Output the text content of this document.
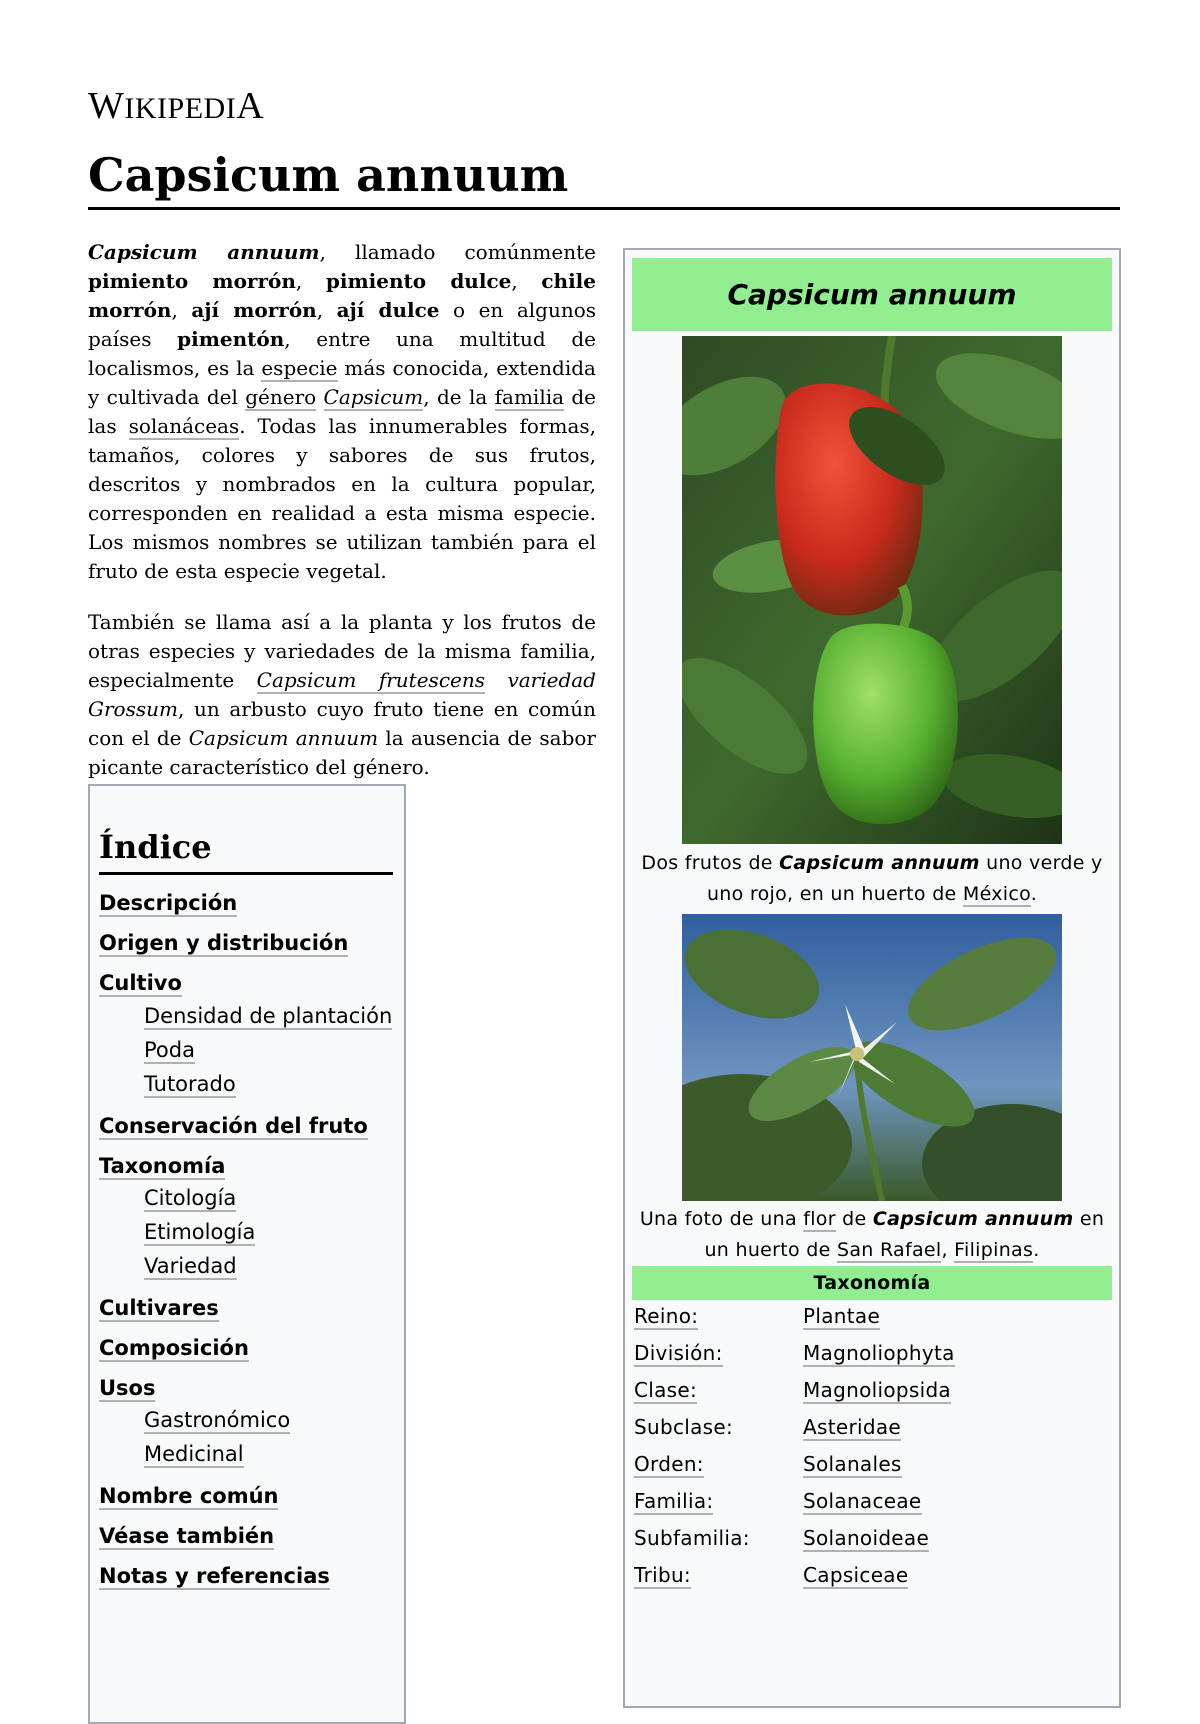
WIKIPEDIA
Capsicum annuum

Capsicum annuum, llamado comúnmente pimiento morrón, pimiento dulce, chile morrón, ají morrón, ají dulce o en algunos países pimentón, entre una multitud de localismos, es la especie más conocida, extendida y cultivada del género Capsicum, de la familia de las solanáceas. Todas las innumerables formas, tamaños, colores y sabores de sus frutos, descritos y nombrados en la cultura popular, corresponden en realidad a esta misma especie. Los mismos nombres se utilizan también para el fruto de esta especie vegetal.

También se llama así a la planta y los frutos de otras especies y variedades de la misma familia, especialmente Capsicum frutescens variedad Grossum, un arbusto cuyo fruto tiene en común con el de Capsicum annuum la ausencia de sabor picante característico del género.

Índice
Descripción
Origen y distribución
Cultivo
Densidad de plantación
Poda
Tutorado
Conservación del fruto
Taxonomía
Citología
Etimología
Variedad
Cultivares
Composición
Usos
Gastronómico
Medicinal
Nombre común
Véase también
Notas y referencias
Capsicum annuum
Dos frutos de Capsicum annuum uno verde y uno rojo, en un huerto de México.
Una foto de una flor de Capsicum annuum en un huerto de San Rafael, Filipinas.
Taxonomía
Reino:	Plantae
División:	Magnoliophyta
Clase:	Magnoliopsida
Subclase:	Asteridae
Orden:	Solanales
Familia:	Solanaceae
Subfamilia:	Solanoideae
Tribu:	Capsiceae
